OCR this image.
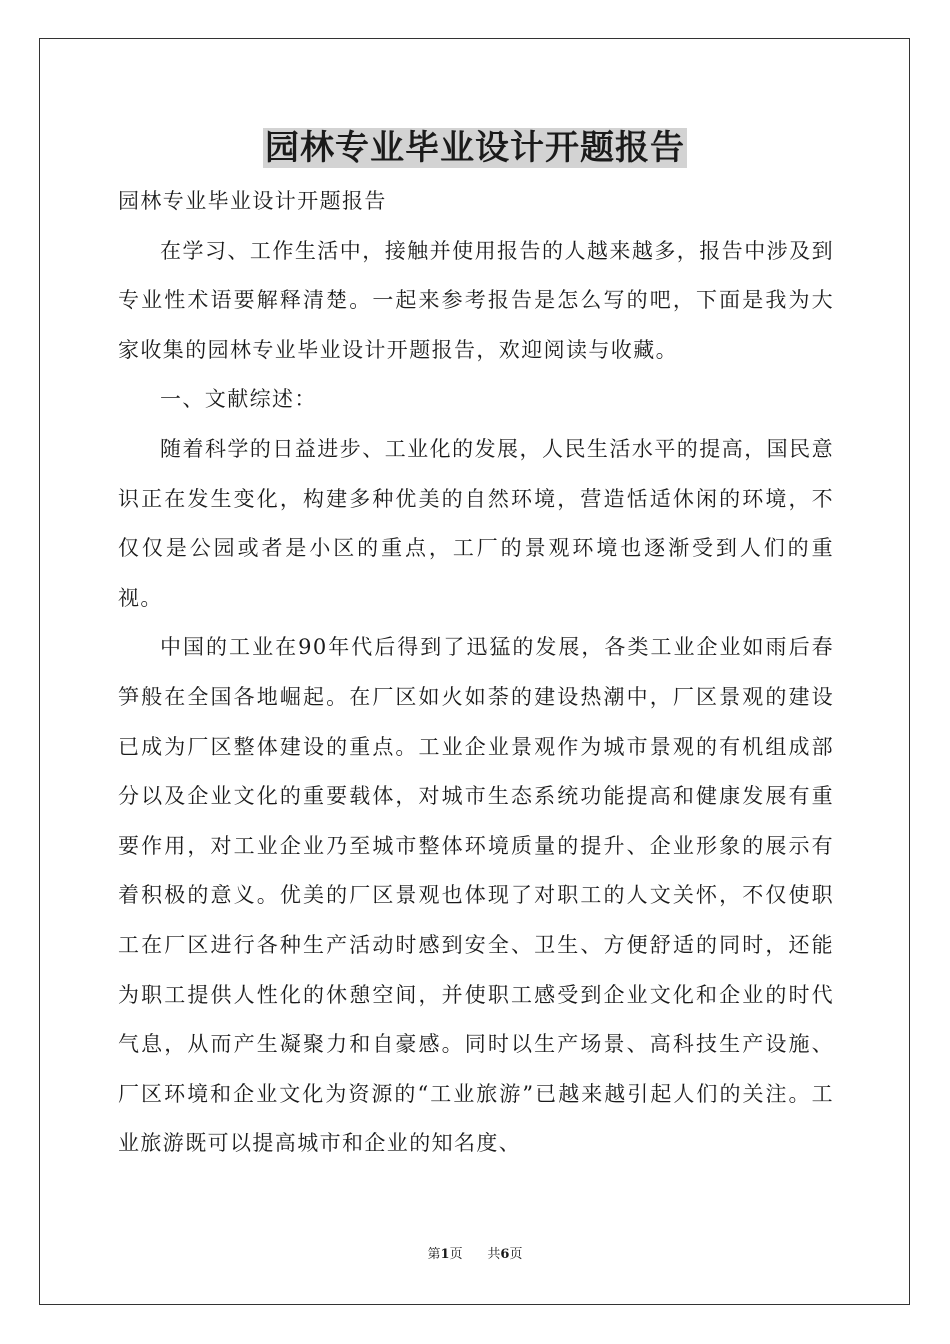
园林专业毕业设计开题报告

园林专业毕业设计开题报告

在学习、工作生活中，接触并使用报告的人越来越多，报告中涉及到专业性术语要解释清楚。一起来参考报告是怎么写的吧，下面是我为大家收集的园林专业毕业设计开题报告，欢迎阅读与收藏。

一、文献综述：

随着科学的日益进步、工业化的发展，人民生活水平的提高，国民意识正在发生变化，构建多种优美的自然环境，营造恬适休闲的环境，不仅仅是公园或者是小区的重点，工厂的景观环境也逐渐受到人们的重视。

中国的工业在90年代后得到了迅猛的发展，各类工业企业如雨后春笋般在全国各地崛起。在厂区如火如荼的建设热潮中，厂区景观的建设已成为厂区整体建设的重点。工业企业景观作为城市景观的有机组成部分以及企业文化的重要载体，对城市生态系统功能提高和健康发展有重要作用，对工业企业乃至城市整体环境质量的提升、企业形象的展示有着积极的意义。优美的厂区景观也体现了对职工的人文关怀，不仅使职工在厂区进行各种生产活动时感到安全、卫生、方便舒适的同时，还能为职工提供人性化的休憩空间，并使职工感受到企业文化和企业的时代气息，从而产生凝聚力和自豪感。同时以生产场景、高科技生产设施、厂区环境和企业文化为资源的“工业旅游”已越来越引起人们的关注。工业旅游既可以提高城市和企业的知名度、

第1页 共6页
